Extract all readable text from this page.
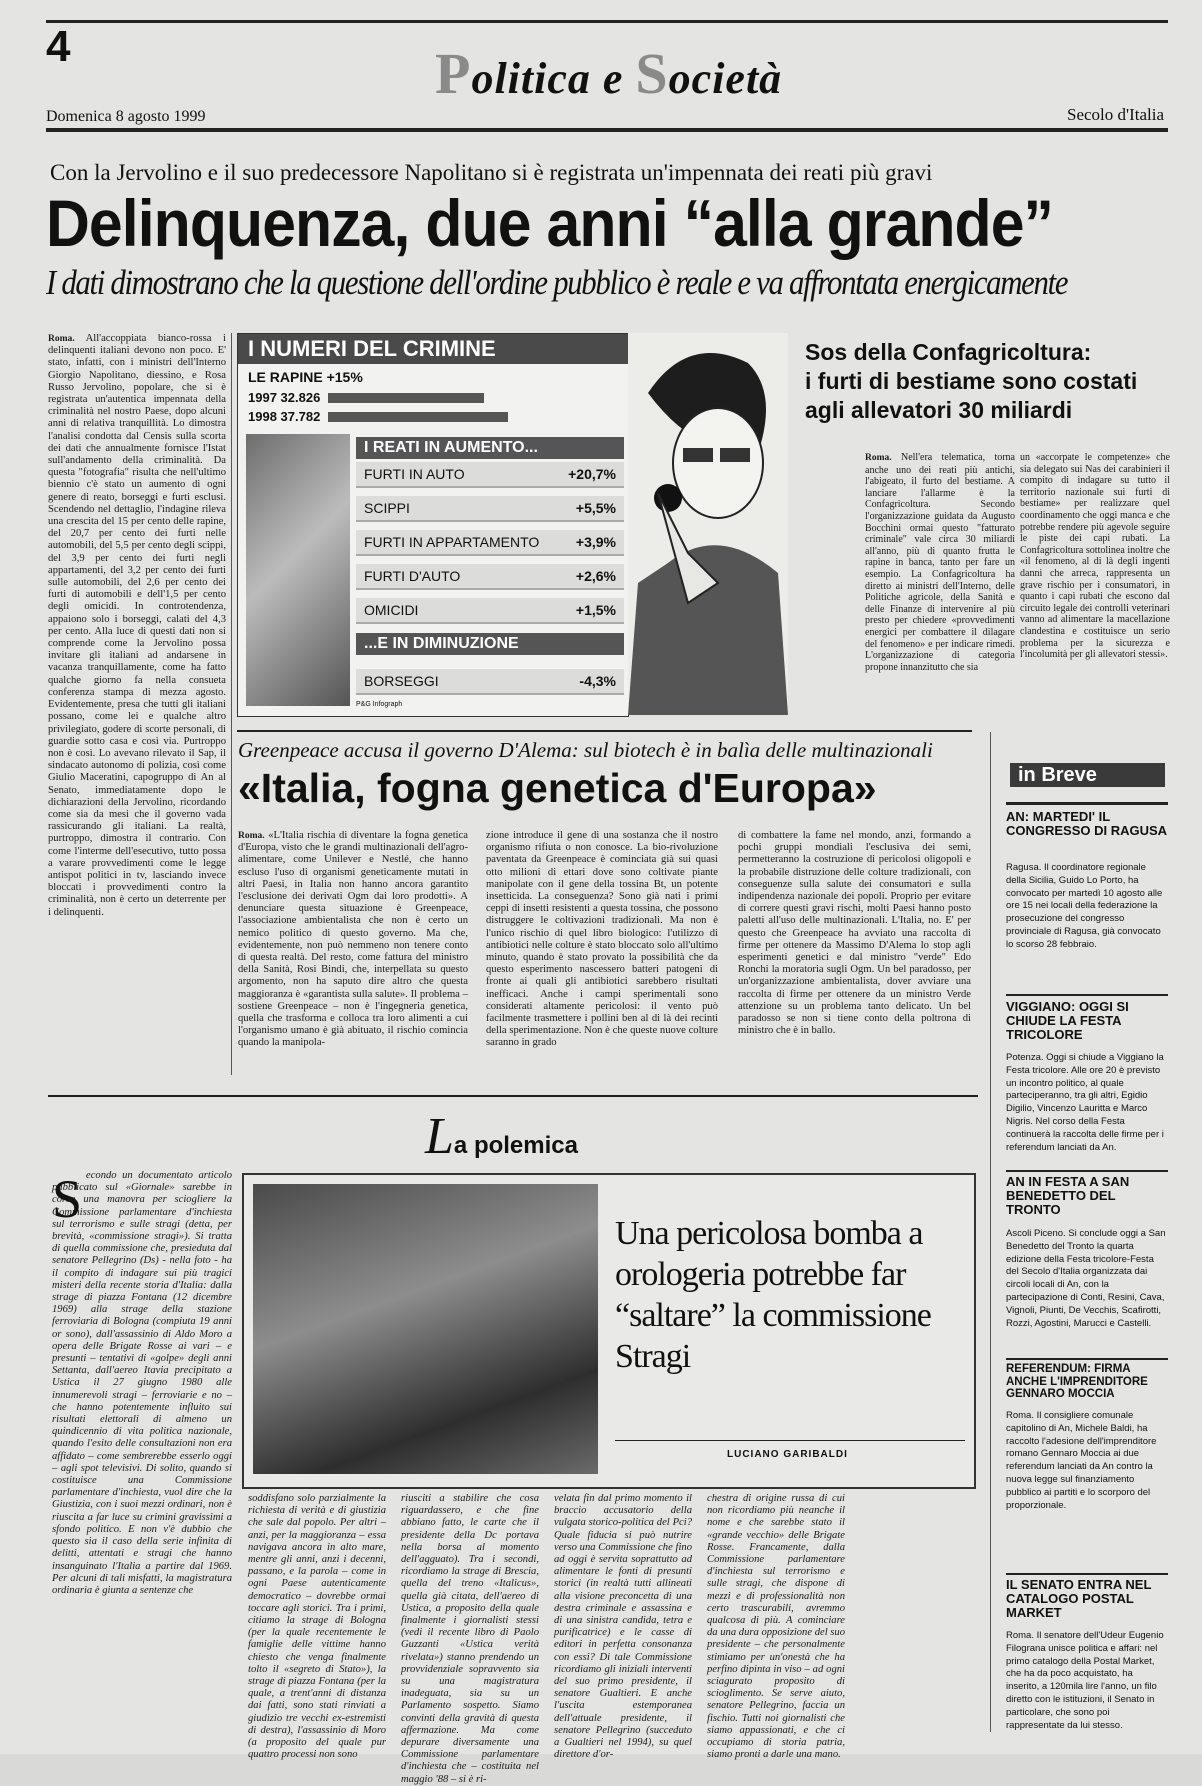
4	Politica e Società
Domenica 8 agosto 1999	Secolo d'Italia
Con la Jervolino e il suo predecessore Napolitano si è registrata un'impennata dei reati più gravi
Delinquenza, due anni “alla grande”
I dati dimostrano che la questione dell'ordine pubblico è reale e va affrontata energicamente
Roma. All'accoppiata bianco-rossa i delinquenti italiani devono non poco. E' stato, infatti, con i ministri dell'Interno Giorgio Napolitano, diessino, e Rosa Russo Jervolino, popolare, che si è registrata un'autentica impennata della criminalità nel nostro Paese, dopo alcuni anni di relativa tranquillità. Lo dimostra l'analisi condotta dal Censis sulla scorta dei dati che annualmente fornisce l'Istat sull'andamento della criminalità. Da questa "fotografia" risulta che nell'ultimo biennio c'è stato un aumento di ogni genere di reato, borseggi e furti esclusi. Scendendo nel dettaglio, l'indagine rileva una crescita del 15 per cento delle rapine, del 20,7 per cento dei furti nelle automobili, del 5,5 per cento degli scippi, del 3,9 per cento dei furti negli appartamenti, del 3,2 per cento dei furti sulle automobili, del 2,6 per cento dei furti di automobili e dell'1,5 per cento degli omicidi. In controtendenza, appaiono solo i borseggi, calati del 4,3 per cento. Alla luce di questi dati non si comprende come la Jervolino possa invitare gli italiani ad andarsene in vacanza tranquillamente, come ha fatto qualche giorno fa nella consueta conferenza stampa di mezza agosto. Evidentemente, presa che tutti gli italiani possano, come lei e qualche altro privilegiato, godere di scorte personali, di guardie sotto casa e così via. Purtroppo non è così. Lo avevano rilevato il Sap, il sindacato autonomo di polizia, così come Giulio Maceratini, capogruppo di An al Senato, immediatamente dopo le dichiarazioni della Jervolino, ricordando come sia da mesi che il governo vada rassicurando gli italiani. La realtà, purtroppo, dimostra il contrario. Con come l'interme dell'esecutivo, tutto possa a varare provvedimenti come le legge antispot politici in tv, lasciando invece bloccati i provvedimenti contro la criminalità, non è certo un deterrente per i delinquenti.
I NUMERI DEL CRIMINE
LE RAPINE +15%
1997 32.826
1998 37.782
I REATI IN AUMENTO...
FURTI IN AUTO	+20,7%
SCIPPI	+5,5%
FURTI IN APPARTAMENTO	+3,9%
FURTI D'AUTO	+2,6%
OMICIDI	+1,5%
...E IN DIMINUZIONE
BORSEGGI	-4,3%
P&G Infograph
Sos della Confagricoltura:
i furti di bestiame sono costati
agli allevatori 30 miliardi
Roma. Nell'era telematica, torna anche uno dei reati più antichi, l'abigeato, il furto del bestiame. A lanciare l'allarme è la Confagricoltura. Secondo l'organizzazione guidata da Augusto Bocchini ormai questo "fatturato criminale" vale circa 30 miliardi all'anno, più di quanto frutta le rapine in banca, tanto per fare un esempio. La Confagricoltura ha diretto ai ministri dell'Interno, delle Politiche agricole, della Sanità e delle Finanze di intervenire al più presto per chiedere «provvedimenti energici per combattere il dilagare del fenomeno» e per indicare rimedi. L'organizzazione di categoria propone innanzitutto che sia
un «accorpate le competenze» che sia delegato sui Nas dei carabinieri il compito di indagare su tutto il territorio nazionale sui furti di bestiame» per realizzare quel coordinamento che oggi manca e che potrebbe rendere più agevole seguire le piste dei capi rubati. La Confagricoltura sottolinea inoltre che «il fenomeno, al di là degli ingenti danni che arreca, rappresenta un grave rischio per i consumatori, in quanto i capi rubati che escono dal circuito legale dei controlli veterinari vanno ad alimentare la macellazione clandestina e costituisce un serio problema per la sicurezza e l'incolumità per gli allevatori stessi».
Greenpeace accusa il governo D'Alema: sul biotech è in balìa delle multinazionali
«Italia, fogna genetica d'Europa»
Roma. «L'Italia rischia di diventare la fogna genetica d'Europa, visto che le grandi multinazionali dell'agro-alimentare, come Unilever e Nestlé, che hanno escluso l'uso di organismi geneticamente mutati in altri Paesi, in Italia non hanno ancora garantito l'esclusione dei derivati Ogm dai loro prodotti». A denunciare questa situazione è Greenpeace, l'associazione ambientalista che non è certo un nemico politico di questo governo. Ma che, evidentemente, non può nemmeno non tenere conto di questa realtà. Del resto, come fattura del ministro della Sanità, Rosi Bindi, che, interpellata su questo argomento, non ha saputo dire altro che questa maggioranza è «garantista sulla salute». Il problema – sostiene Greenpeace – non è l'ingegneria genetica, quella che trasforma e colloca tra loro alimenti a cui l'organismo umano è già abituato, il rischio comincia quando la manipola-
zione introduce il gene di una sostanza che il nostro organismo rifiuta o non conosce. La bio-rivoluzione paventata da Greenpeace è cominciata già sui quasi otto milioni di ettari dove sono coltivate piante manipolate con il gene della tossina Bt, un potente insetticida. La conseguenza? Sono già nati i primi ceppi di insetti resistenti a questa tossina, che possono distruggere le coltivazioni tradizionali. Ma non è l'unico rischio di quel libro biologico: l'utilizzo di antibiotici nelle colture è stato bloccato solo all'ultimo minuto, quando è stato provato la possibilità che da questo esperimento nascessero batteri patogeni di fronte ai quali gli antibiotici sarebbero risultati inefficaci. Anche i campi sperimentali sono considerati altamente pericolosi: il vento può facilmente trasmettere i pollini ben al di là dei recinti della sperimentazione. Non è che queste nuove colture saranno in grado
di combattere la fame nel mondo, anzi, formando a pochi gruppi mondiali l'esclusiva dei semi, permetteranno la costruzione di pericolosi oligopoli e la probabile distruzione delle colture tradizionali, con conseguenze sulla salute dei consumatori e sulla indipendenza nazionale dei popoli. Proprio per evitare di correre questi gravi rischi, molti Paesi hanno posto paletti all'uso delle multinazionali. L'Italia, no. E' per questo che Greenpeace ha avviato una raccolta di firme per ottenere da Massimo D'Alema lo stop agli esperimenti genetici e dal ministro "verde" Edo Ronchi la moratoria sugli Ogm. Un bel paradosso, per un'organizzazione ambientalista, dover avviare una raccolta di firme per ottenere da un ministro Verde attenzione su un problema tanto delicato. Un bel paradosso se non si tiene conto della poltrona di ministro che è in ballo.
in Breve
AN: MARTEDI' IL CONGRESSO DI RAGUSA
Ragusa. Il coordinatore regionale della Sicilia, Guido Lo Porto, ha convocato per martedì 10 agosto alle ore 15 nei locali della federazione la prosecuzione del congresso provinciale di Ragusa, già convocato lo scorso 28 febbraio.
VIGGIANO: OGGI SI CHIUDE LA FESTA TRICOLORE
Potenza. Oggi si chiude a Viggiano la Festa tricolore. Alle ore 20 è previsto un incontro politico, al quale parteciperanno, tra gli altri, Egidio Digilio, Vincenzo Lauritta e Marco Nigris. Nel corso della Festa continuerà la raccolta delle firme per i referendum lanciati da An.
AN IN FESTA A SAN BENEDETTO DEL TRONTO
Ascoli Piceno. Si conclude oggi a San Benedetto del Tronto la quarta edizione della Festa tricolore-Festa del Secolo d'Italia organizzata dai circoli locali di An, con la partecipazione di Conti, Resini, Cava, Vignoli, Piunti, De Vecchis, Scafirotti, Rozzi, Agostini, Marucci e Castelli.
REFERENDUM: FIRMA ANCHE L'IMPRENDITORE GENNARO MOCCIA
Roma. Il consigliere comunale capitolino di An, Michele Baldi, ha raccolto l'adesione dell'imprenditore romano Gennaro Moccia ai due referendum lanciati da An contro la nuova legge sul finanziamento pubblico ai partiti e lo scorporo del proporzionale.
IL SENATO ENTRA NEL CATALOGO POSTAL MARKET
Roma. Il senatore dell'Udeur Eugenio Filograna unisce politica e affari: nel primo catalogo della Postal Market, che ha da poco acquistato, ha inserito, a 120mila lire l'anno, un filo diretto con le istituzioni, il Senato in particolare, che sono poi rappresentate da lui stesso.
La polemica
S econdo un documentato articolo pubblicato sul «Giornale» sarebbe in corso una manovra per sciogliere la Commissione parlamentare d'inchiesta sul terrorismo e sulle stragi (detta, per brevità, «commissione stragi»). Si tratta di quella commissione che, presieduta dal senatore Pellegrino (Ds) - nella foto - ha il compito di indagare sui più tragici misteri della recente storia d'Italia: dalla strage di piazza Fontana (12 dicembre 1969) alla strage della stazione ferroviaria di Bologna (compiuta 19 anni or sono), dall'assassinio di Aldo Moro a opera delle Brigate Rosse ai vari – e presunti – tentativi di «golpe» degli anni Settanta, dall'aereo Itavia precipitato a Ustica il 27 giugno 1980 alle innumerevoli stragi – ferroviarie e no – che hanno potentemente influito sui risultati elettorali di almeno un quindicennio di vita politica nazionale, quando l'esito delle consultazioni non era affidato – come sembrerebbe esserlo oggi – agli spot televisivi. Di solito, quando si costituisce una Commissione parlamentare d'inchiesta, vuol dire che la Giustizia, con i suoi mezzi ordinari, non è riuscita a far luce su crimini gravissimi a sfondo politico. E non v'è dubbio che questo sia il caso della serie infinita di delitti, attentati e stragi che hanno insanguinato l'Italia a partire dal 1969. Per alcuni di tali misfatti, la magistratura ordinaria è giunta a sentenze che
Una pericolosa bomba a orologeria potrebbe far “saltare” la commissione Stragi
LUCIANO GARIBALDI
soddisfano solo parzialmente la richiesta di verità e di giustizia che sale dal popolo. Per altri – anzi, per la maggioranza – essa navigava ancora in alto mare, mentre gli anni, anzi i decenni, passano, e la parola – come in ogni Paese autenticamente democratico – dovrebbe ormai toccare agli storici. Tra i primi, citiamo la strage di Bologna (per la quale recentemente le famiglie delle vittime hanno chiesto che venga finalmente tolto il «segreto di Stato»), la strage di piazza Fontana (per la quale, a trent'anni di distanza dai fatti, sono stati rinviati a giudizio tre vecchi ex-estremisti di destra), l'assassinio di Moro (a proposito del quale pur quattro processi non sono
riusciti a stabilire che cosa riguardassero, e che fine abbiano fatto, le carte che il presidente della Dc portava nella borsa al momento dell'agguato). Tra i secondi, ricordiamo la strage di Brescia, quella del treno «Italicus», quella già citata, dell'aereo di Ustica, a proposito della quale finalmente i giornalisti stessi (vedi il recente libro di Paolo Guzzanti «Ustica verità rivelata») stanno prendendo un provvidenziale sopravvento sia su una magistratura inadeguata, sia su un Parlamento sospetto. Siamo convinti della gravità di questa affermazione. Ma come depurare diversamente una Commissione parlamentare d'inchiesta che – costituita nel maggio '88 – si è ri-
velata fin dal primo momento il braccio accusatorio della vulgata storico-politica del Pci? Quale fiducia si può nutrire verso una Commissione che fino ad oggi è servita soprattutto ad alimentare le fonti di presunti storici (in realtà tutti allineati alla visione preconcetta di una destra criminale e assassina e di una sinistra candida, tetra e purificatrice) e le casse di editori in perfetta consonanza con essi? Di tale Commissione ricordiamo gli iniziali interventi del suo primo presidente, il senatore Gualtieri. E anche l'uscita estemporanea dell'attuale presidente, il senatore Pellegrino (succeduto a Gualtieri nel 1994), su quel direttore d'or-
chestra di origine russa di cui non ricordiamo più neanche il nome e che sarebbe stato il «grande vecchio» delle Brigate Rosse. Francamente, dalla Commissione parlamentare d'inchiesta sul terrorismo e sulle stragi, che dispone di mezzi e di professionalità non certo trascurabili, avremmo qualcosa di più. A cominciare da una dura opposizione del suo presidente – che personalmente stimiamo per un'onestà che ha perfino dipinta in viso – ad ogni sciagurato proposito di scioglimento. Se serve aiuto, senatore Pellegrino, faccia un fischio. Tutti noi giornalisti che siamo appassionati, e che ci occupiamo di storia patria, siamo pronti a darle una mano.
